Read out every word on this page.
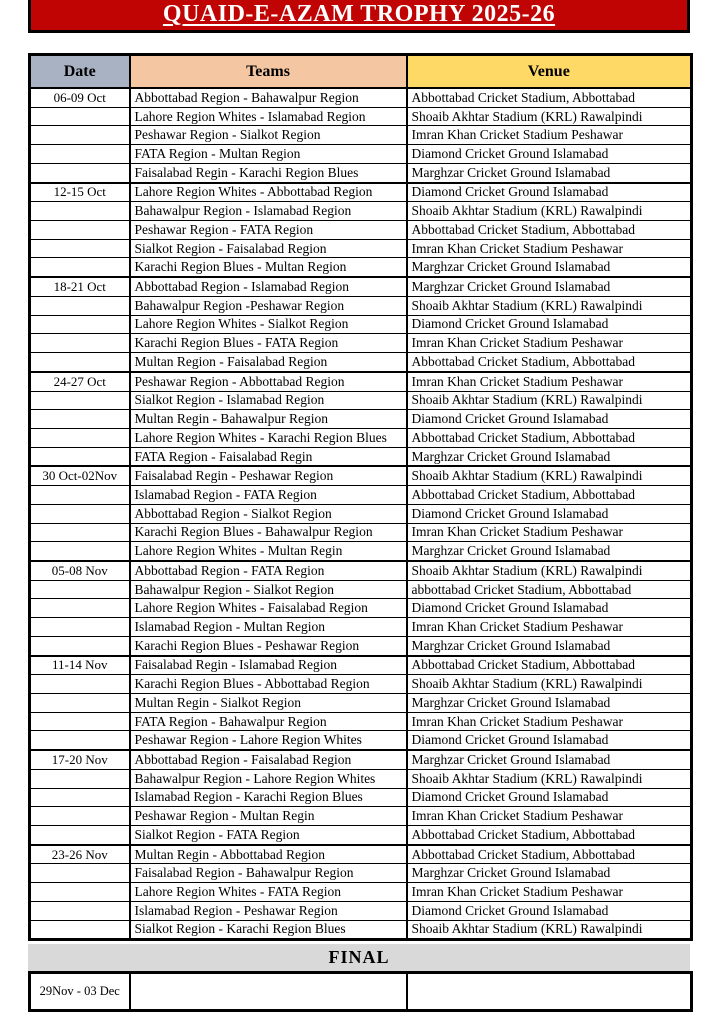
QUAID-E-AZAM TROPHY 2025-26
Date	Teams	Venue
06-09 Oct	Abbottabad Region - Bahawalpur Region	Abbottabad Cricket Stadium, Abbottabad
	Lahore Region Whites - Islamabad Region	Shoaib Akhtar Stadium (KRL) Rawalpindi
	Peshawar Region - Sialkot Region	Imran Khan Cricket Stadium Peshawar
	FATA Region - Multan Region	Diamond Cricket Ground Islamabad
	Faisalabad Regin - Karachi Region Blues	Marghzar Cricket Ground Islamabad
12-15 Oct	Lahore Region Whites - Abbottabad Region	Diamond Cricket Ground Islamabad
	Bahawalpur Region - Islamabad Region	Shoaib Akhtar Stadium (KRL) Rawalpindi
	Peshawar Region - FATA Region	Abbottabad Cricket Stadium, Abbottabad
	Sialkot Region - Faisalabad Region	Imran Khan Cricket Stadium Peshawar
	Karachi Region Blues - Multan Region	Marghzar Cricket Ground Islamabad
18-21 Oct	Abbottabad Region - Islamabad Region	Marghzar Cricket Ground Islamabad
	Bahawalpur Region -Peshawar Region	Shoaib Akhtar Stadium (KRL) Rawalpindi
	Lahore Region Whites - Sialkot Region	Diamond Cricket Ground Islamabad
	Karachi Region Blues - FATA Region	Imran Khan Cricket Stadium Peshawar
	Multan Region - Faisalabad Region	Abbottabad Cricket Stadium, Abbottabad
24-27 Oct	Peshawar Region - Abbottabad Region	Imran Khan Cricket Stadium Peshawar
	Sialkot Region - Islamabad Region	Shoaib Akhtar Stadium (KRL) Rawalpindi
	Multan Regin - Bahawalpur Region	Diamond Cricket Ground Islamabad
	Lahore Region Whites - Karachi Region Blues	Abbottabad Cricket Stadium, Abbottabad
	FATA Region - Faisalabad Regin	Marghzar Cricket Ground Islamabad
30 Oct-02Nov	Faisalabad Regin - Peshawar Region	Shoaib Akhtar Stadium (KRL) Rawalpindi
	Islamabad Region - FATA Region	Abbottabad Cricket Stadium, Abbottabad
	Abbottabad Region - Sialkot Region	Diamond Cricket Ground Islamabad
	Karachi Region Blues - Bahawalpur Region	Imran Khan Cricket Stadium Peshawar
	Lahore Region Whites - Multan Regin	Marghzar Cricket Ground Islamabad
05-08 Nov	Abbottabad Region - FATA Region	Shoaib Akhtar Stadium (KRL) Rawalpindi
	Bahawalpur Region - Sialkot Region	abbottabad Cricket Stadium, Abbottabad
	Lahore Region Whites - Faisalabad Region	Diamond Cricket Ground Islamabad
	Islamabad Region - Multan Region	Imran Khan Cricket Stadium Peshawar
	Karachi Region Blues - Peshawar Region	Marghzar Cricket Ground Islamabad
11-14 Nov	Faisalabad Regin - Islamabad Region	Abbottabad Cricket Stadium, Abbottabad
	Karachi Region Blues - Abbottabad Region	Shoaib Akhtar Stadium (KRL) Rawalpindi
	Multan Regin - Sialkot Region	Marghzar Cricket Ground Islamabad
	FATA Region - Bahawalpur Region	Imran Khan Cricket Stadium Peshawar
	Peshawar Region - Lahore Region Whites	Diamond Cricket Ground Islamabad
17-20 Nov	Abbottabad Region - Faisalabad Region	Marghzar Cricket Ground Islamabad
	Bahawalpur Region - Lahore Region Whites	Shoaib Akhtar Stadium (KRL) Rawalpindi
	Islamabad Region - Karachi Region Blues	Diamond Cricket Ground Islamabad
	Peshawar Region - Multan Regin	Imran Khan Cricket Stadium Peshawar
	Sialkot Region - FATA Region	Abbottabad Cricket Stadium, Abbottabad
23-26 Nov	Multan Regin - Abbottabad Region	Abbottabad Cricket Stadium, Abbottabad
	Faisalabad Region - Bahawalpur Region	Marghzar Cricket Ground Islamabad
	Lahore Region Whites - FATA Region	Imran Khan Cricket Stadium Peshawar
	Islamabad Region - Peshawar Region	Diamond Cricket Ground Islamabad
	Sialkot Region - Karachi Region Blues	Shoaib Akhtar Stadium (KRL) Rawalpindi
FINAL
29Nov - 03 Dec		
